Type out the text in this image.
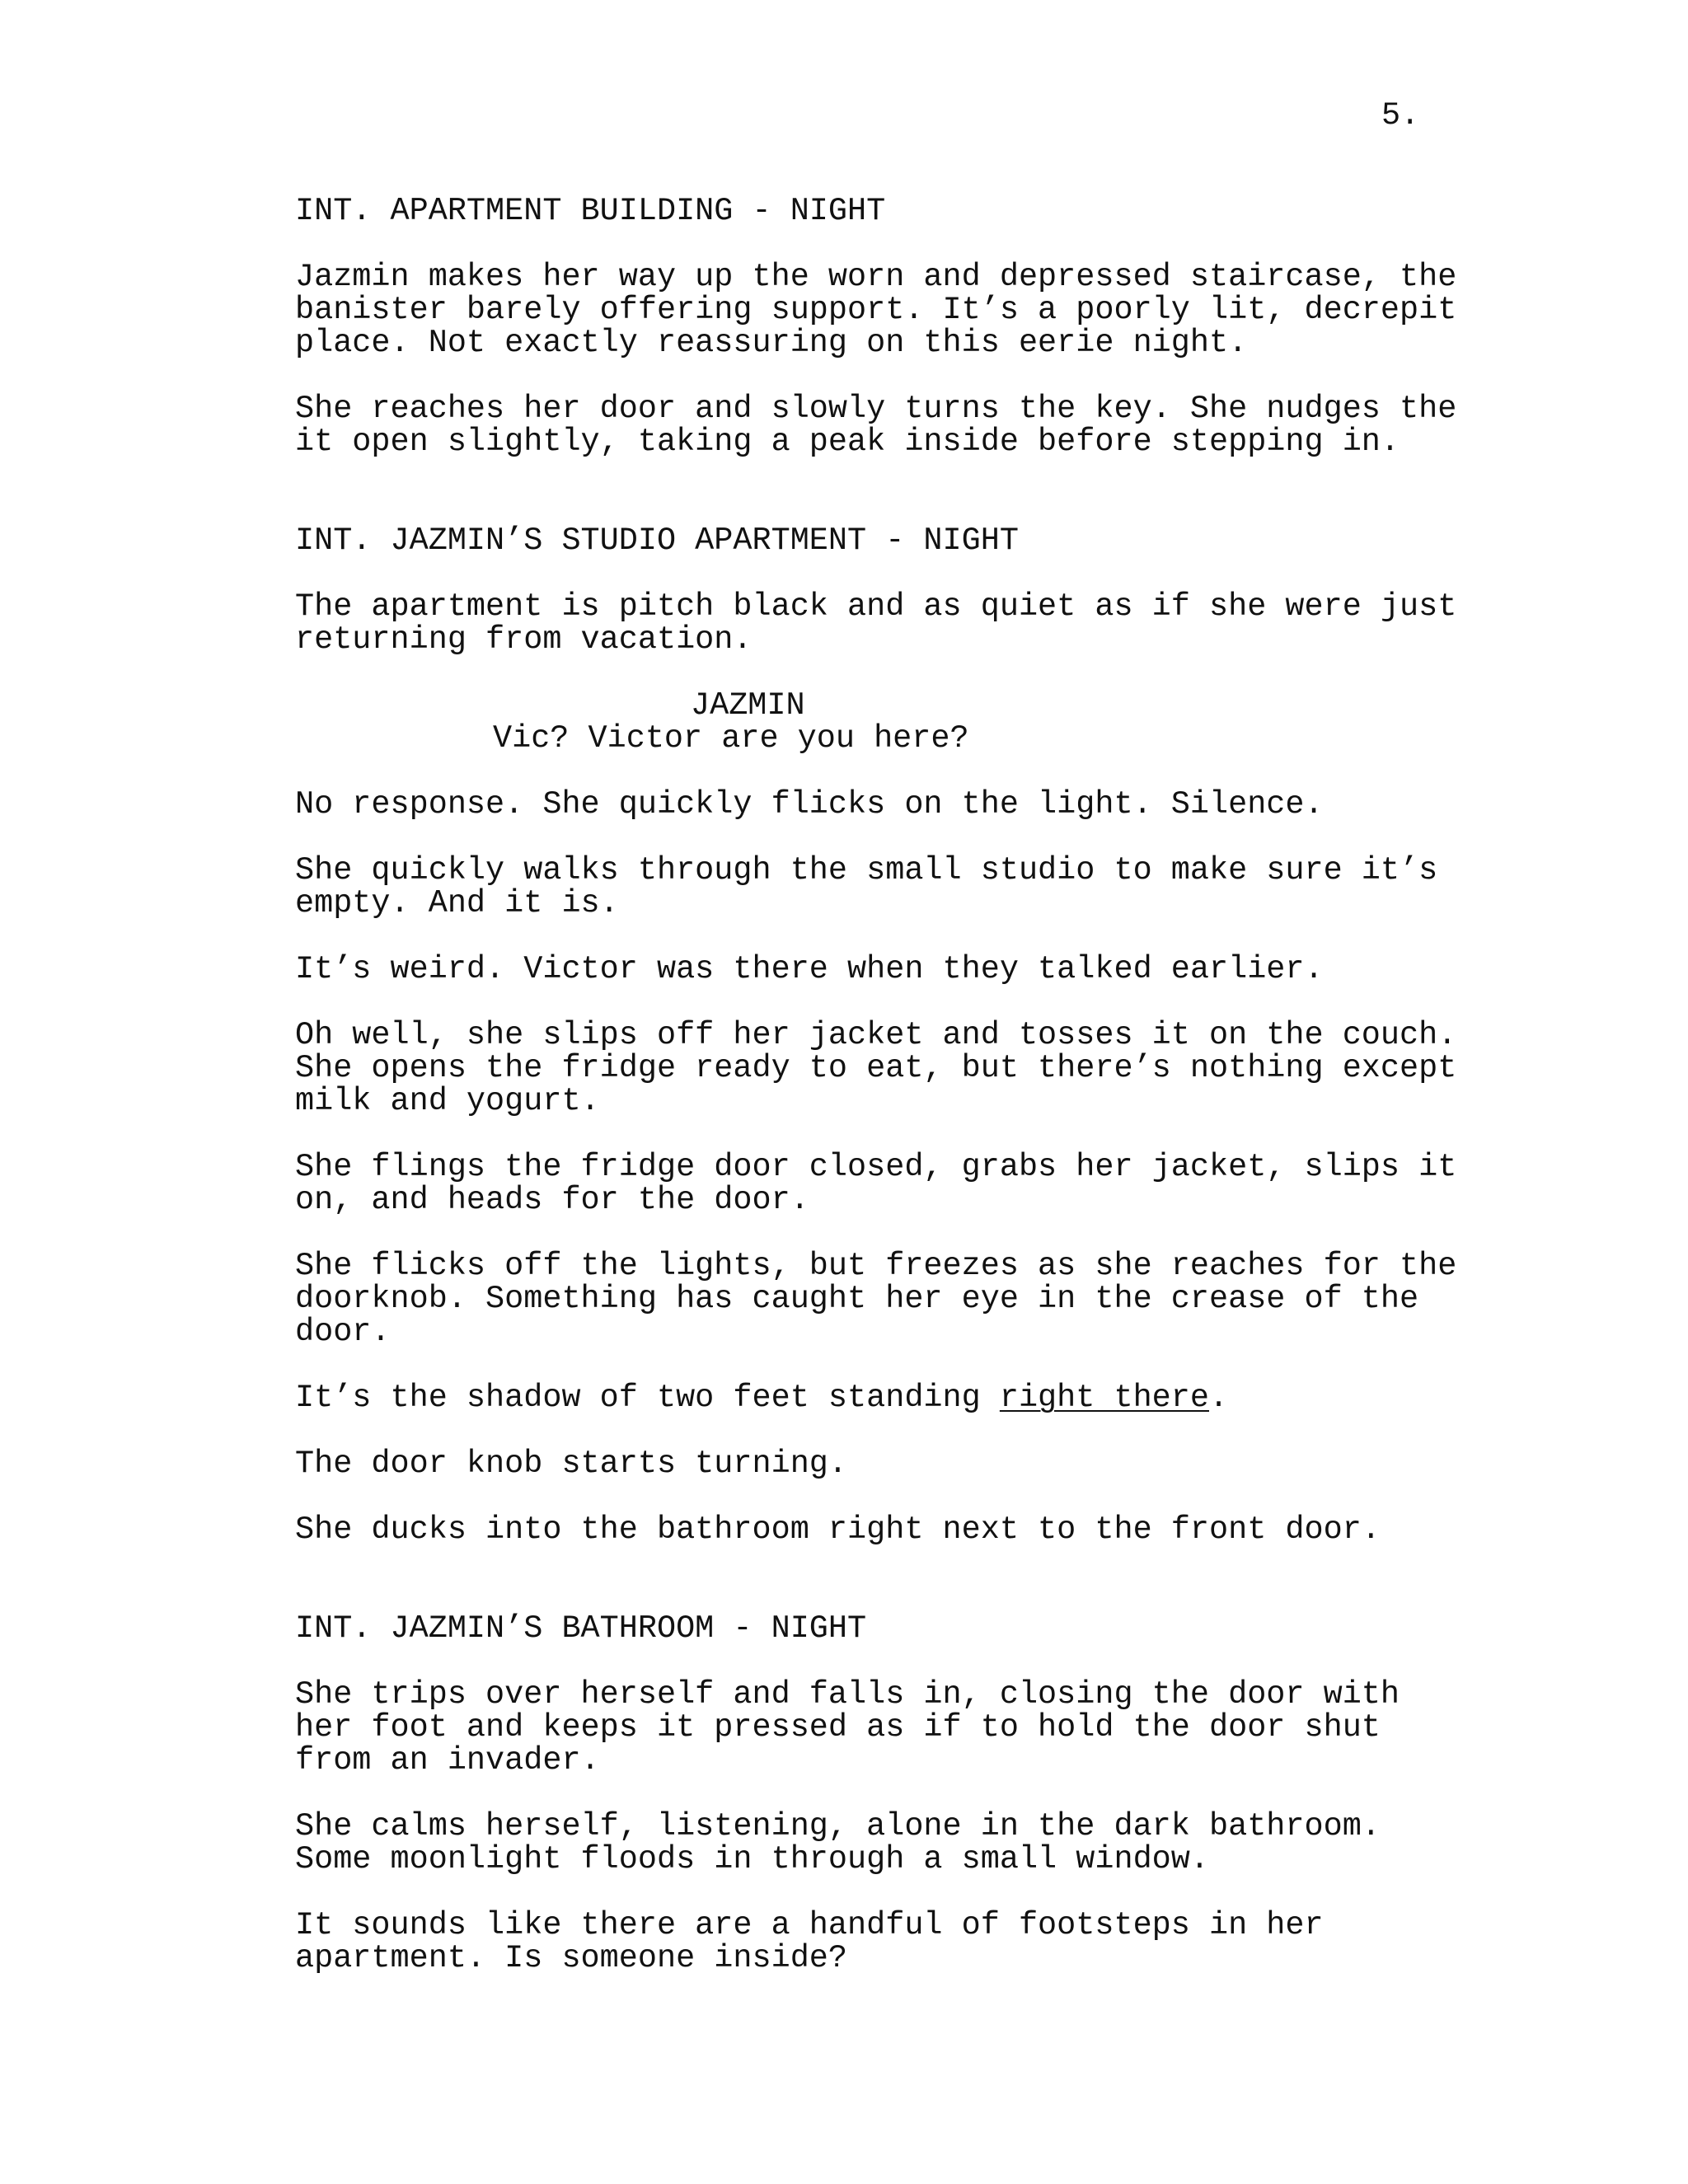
5.
INT. APARTMENT BUILDING - NIGHT
Jazmin makes her way up the worn and depressed staircase, the
banister barely offering support. It’s a poorly lit, decrepit
place. Not exactly reassuring on this eerie night.
She reaches her door and slowly turns the key. She nudges the
it open slightly, taking a peak inside before stepping in.
INT. JAZMIN’S STUDIO APARTMENT - NIGHT
The apartment is pitch black and as quiet as if she were just
returning from vacation.
JAZMIN
Vic? Victor are you here?
No response. She quickly flicks on the light. Silence.
She quickly walks through the small studio to make sure it’s
empty. And it is.
It’s weird. Victor was there when they talked earlier.
Oh well, she slips off her jacket and tosses it on the couch.
She opens the fridge ready to eat, but there’s nothing except
milk and yogurt.
She flings the fridge door closed, grabs her jacket, slips it
on, and heads for the door.
She flicks off the lights, but freezes as she reaches for the
doorknob. Something has caught her eye in the crease of the
door.
It’s the shadow of two feet standing right there.
The door knob starts turning.
She ducks into the bathroom right next to the front door.
INT. JAZMIN’S BATHROOM - NIGHT
She trips over herself and falls in, closing the door with
her foot and keeps it pressed as if to hold the door shut
from an invader.
She calms herself, listening, alone in the dark bathroom.
Some moonlight floods in through a small window.
It sounds like there are a handful of footsteps in her
apartment. Is someone inside?
